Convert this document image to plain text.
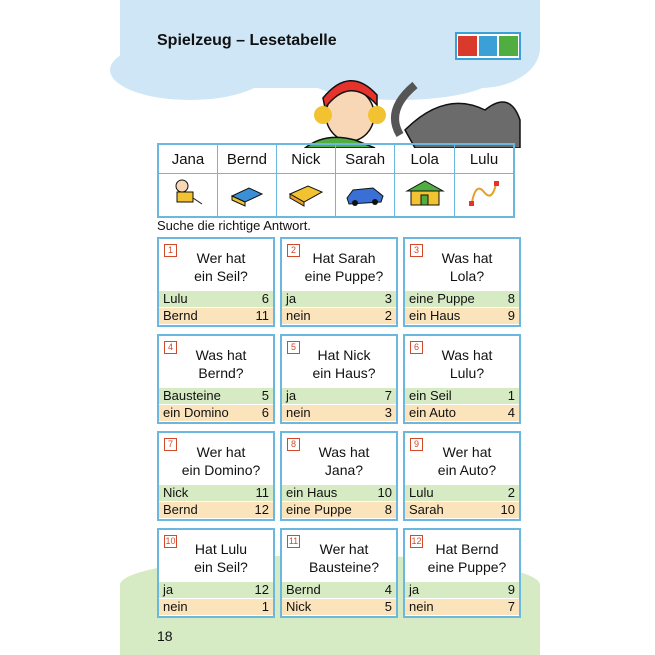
Spielzeug – Lesetabelle
Jana	Bernd	Nick	Sarah	Lola	Lulu

Suche die richtige Antwort.
1	Wer hat
ein Seil?
Lulu	6
Bernd	11
2	Hat Sarah
eine Puppe?
ja	3
nein	2
3	Was hat
Lola?
eine Puppe	8
ein Haus	9
4	Was hat
Bernd?
Bausteine	5
ein Domino	6
5	Hat Nick
ein Haus?
ja	7
nein	3
6	Was hat
Lulu?
ein Seil	1
ein Auto	4
7	Wer hat
ein Domino?
Nick	11
Bernd	12
8	Was hat
Jana?
ein Haus	10
eine Puppe	8
9	Wer hat
ein Auto?
Lulu	2
Sarah	10
10	Hat Lulu
ein Seil?
ja	12
nein	1
11	Wer hat
Bausteine?
Bernd	4
Nick	5
12 Hat Bernd
eine Puppe?
ja	9
nein	7
18
